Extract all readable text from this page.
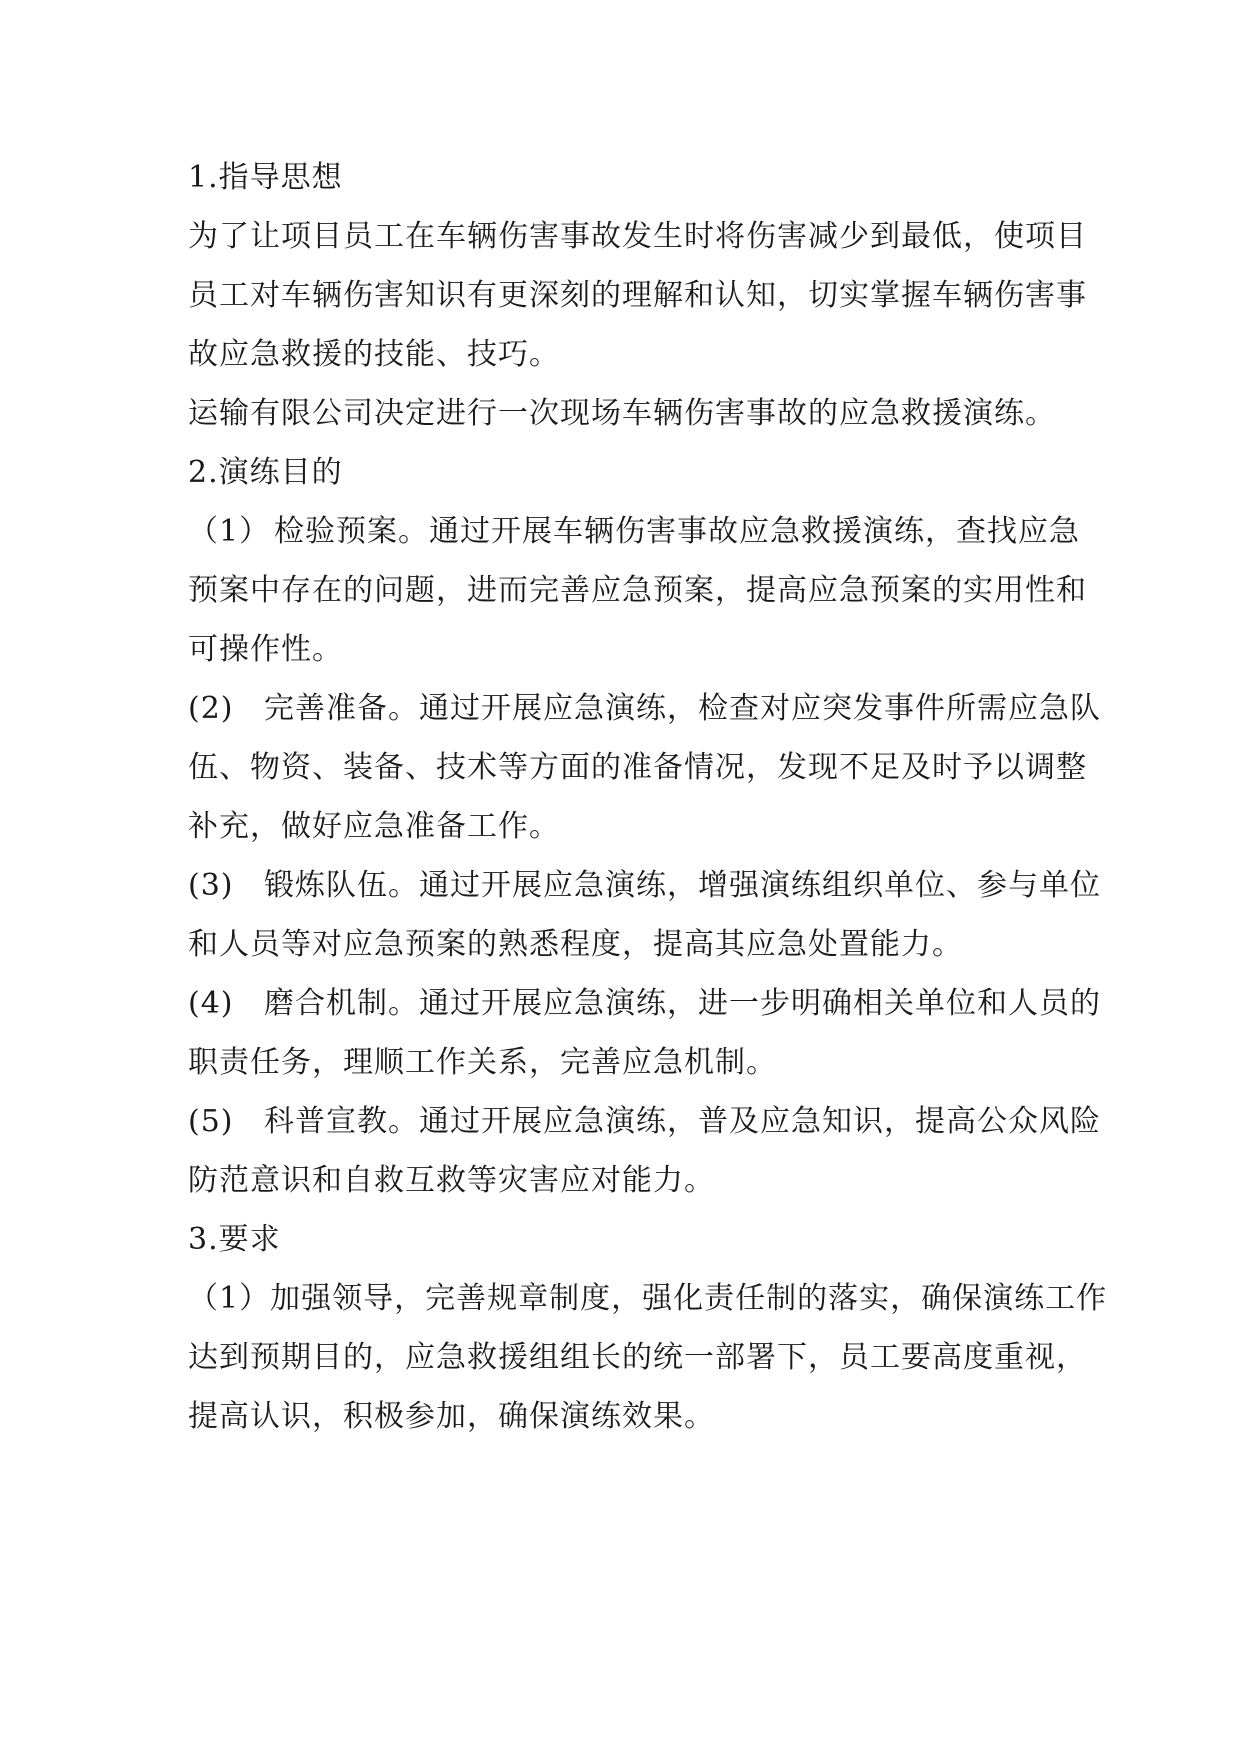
1.指导思想
为了让项目员工在车辆伤害事故发生时将伤害减少到最低，使项目
员工对车辆伤害知识有更深刻的理解和认知，切实掌握车辆伤害事
故应急救援的技能、技巧。
运输有限公司决定进行一次现场车辆伤害事故的应急救援演练。
2.演练目的
（1） 检验预案。通过开展车辆伤害事故应急救援演练，查找应急
预案中存在的问题，进而完善应急预案，提高应急预案的实用性和
可操作性。
(2) 完善准备。通过开展应急演练，检查对应突发事件所需应急队
伍、物资、装备、技术等方面的准备情况，发现不足及时予以调整
补充，做好应急准备工作。
(3) 锻炼队伍。通过开展应急演练，增强演练组织单位、参与单位
和人员等对应急预案的熟悉程度，提高其应急处置能力。
(4) 磨合机制。通过开展应急演练，进一步明确相关单位和人员的
职责任务，理顺工作关系，完善应急机制。
(5) 科普宣教。通过开展应急演练，普及应急知识，提高公众风险
防范意识和自救互救等灾害应对能力。
3.要求
（1）加强领导，完善规章制度，强化责任制的落实，确保演练工作
达到预期目的，应急救援组组长的统一部署下，员工要高度重视，
提高认识，积极参加，确保演练效果。
